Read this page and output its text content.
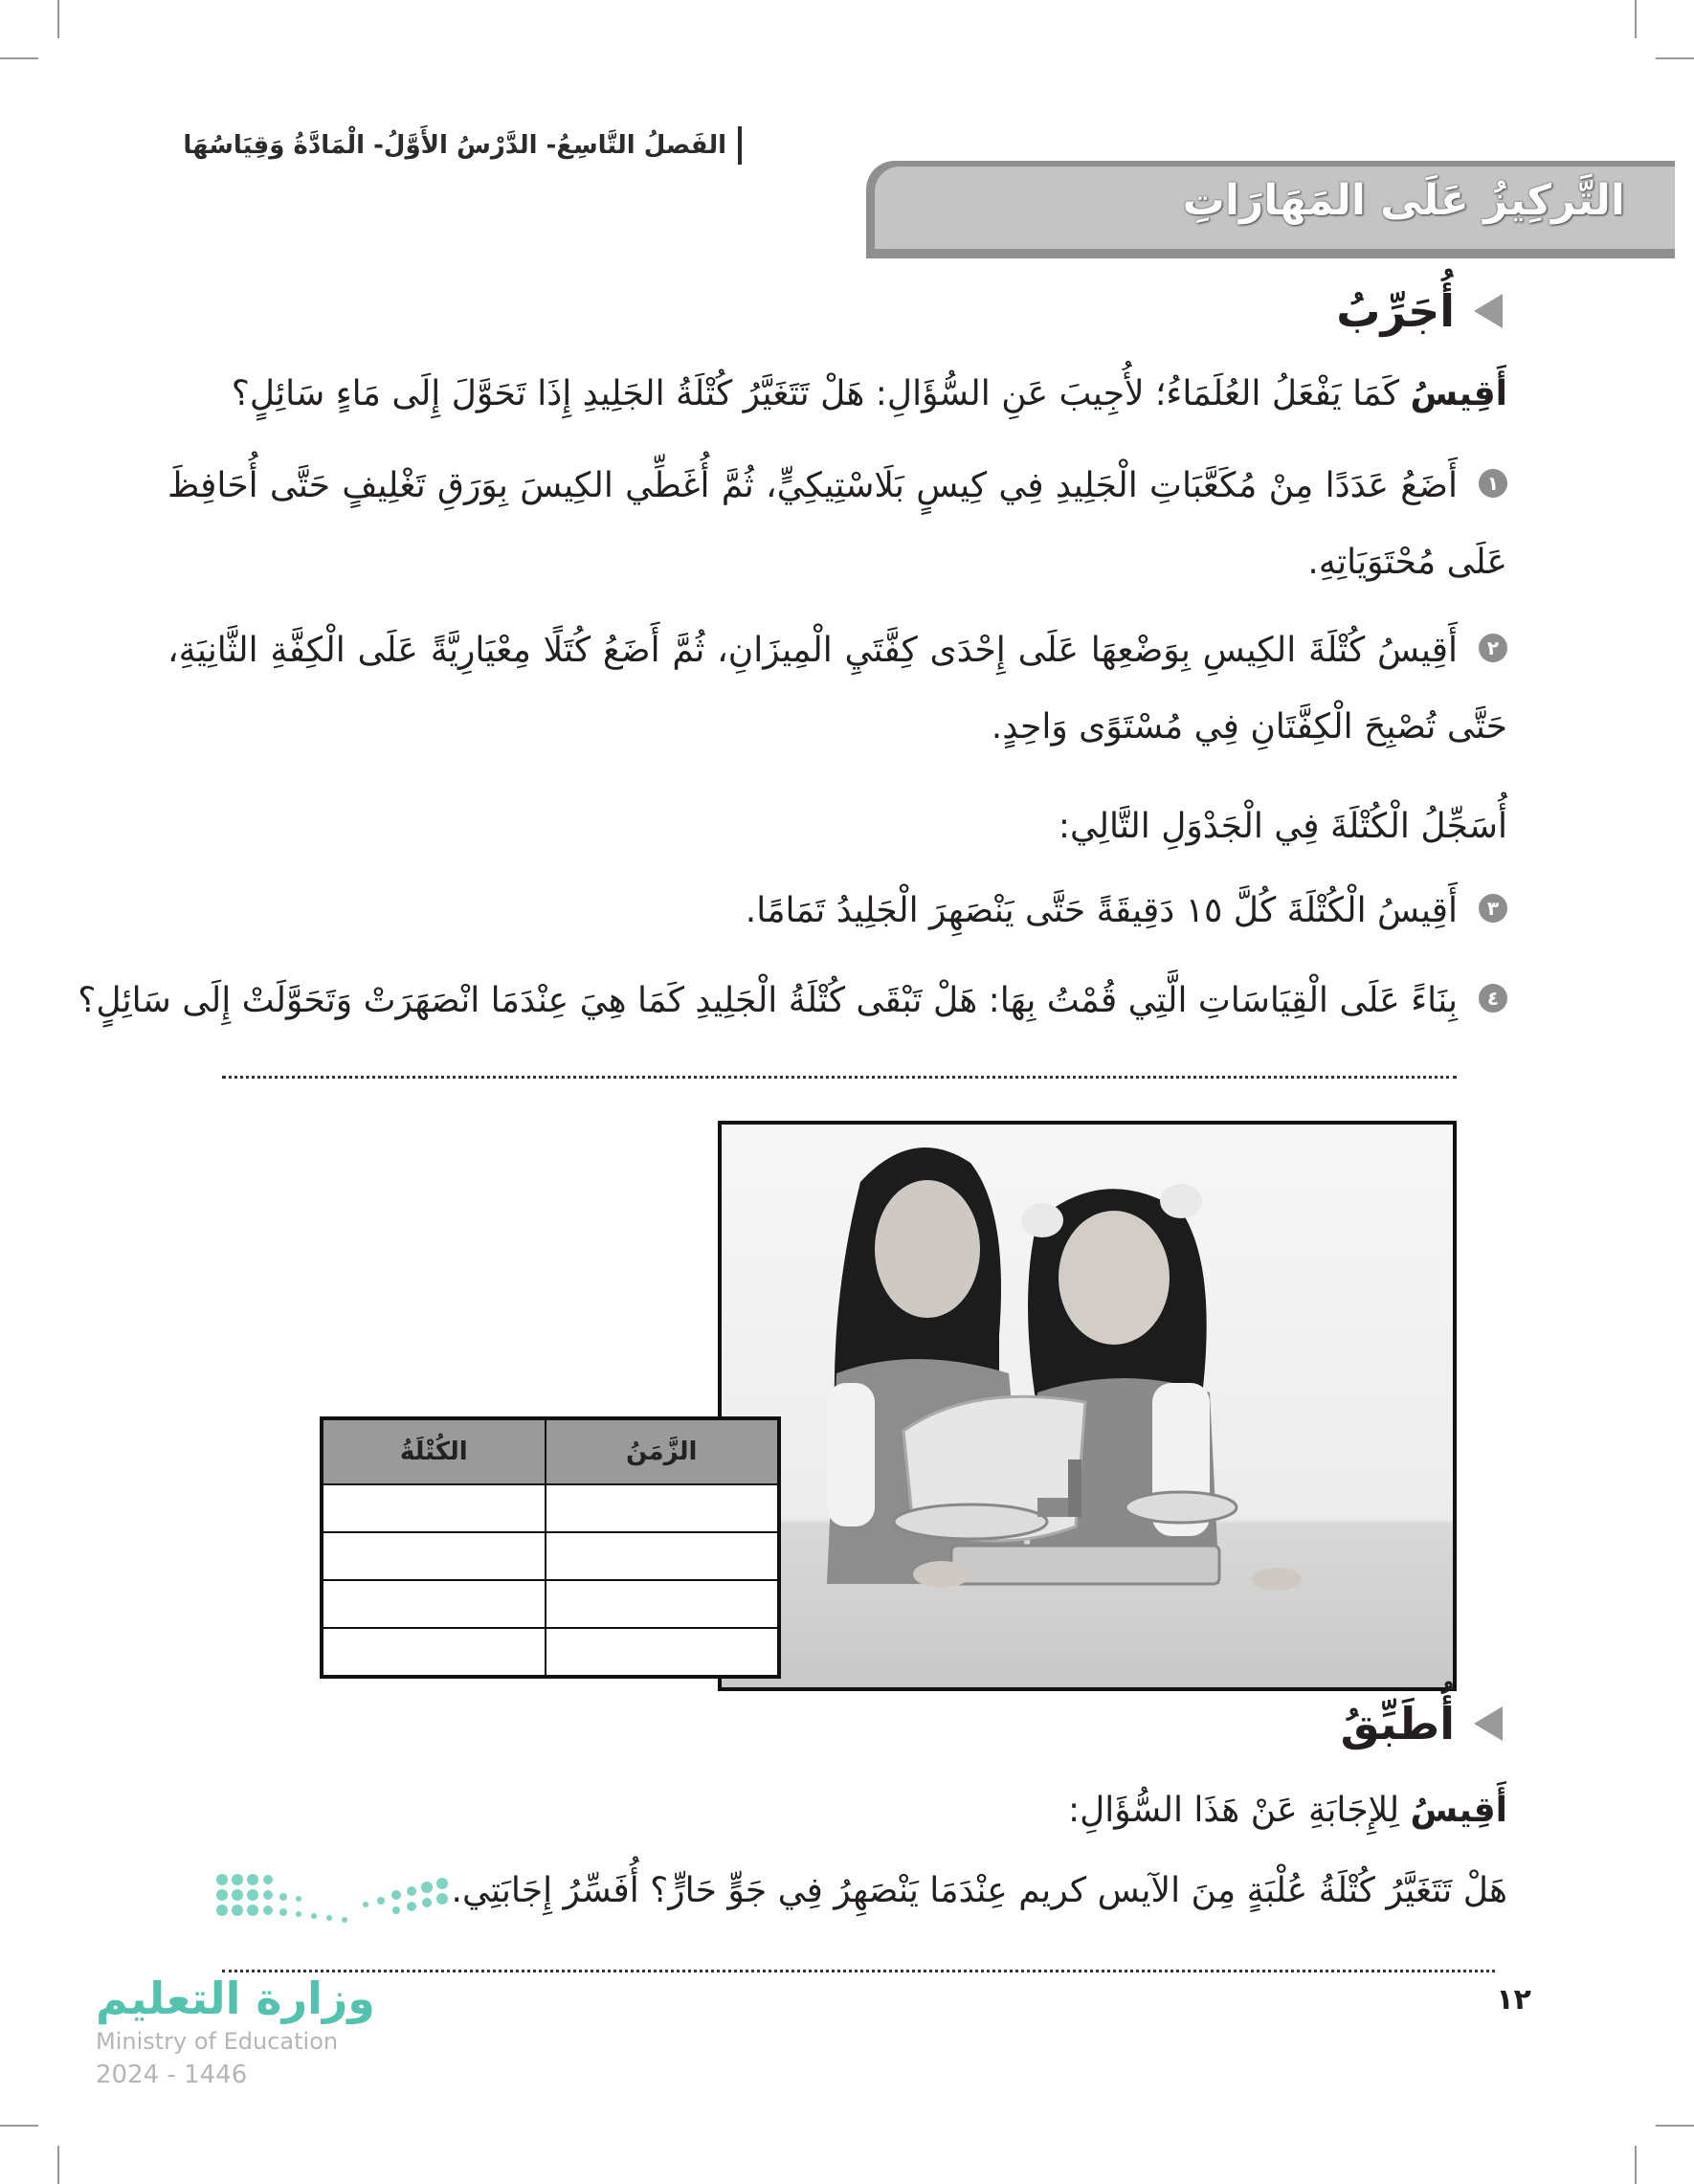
الفَصلُ التَّاسِعُ- الدَّرْسُ الأَوَّلُ- الْمَادَّةُ وَقِيَاسُهَا
التَّركِيزُ عَلَى المَهَارَاتِ
أُجَرِّبُ
أَقِيسُ كَمَا يَفْعَلُ العُلَمَاءُ؛ لأُجِيبَ عَنِ السُّؤَالِ: هَلْ تَتَغَيَّرُ كُتْلَةُ الجَلِيدِ إِذَا تَحَوَّلَ إِلَى مَاءٍ سَائِلٍ؟
١أَضَعُ عَدَدًا مِنْ مُكَعَّبَاتِ الْجَلِيدِ فِي كِيسٍ بَلَاسْتِيكِيٍّ، ثُمَّ أُغَطِّي الكِيسَ بِوَرَقِ تَغْلِيفٍ حَتَّى أُحَافِظَ عَلَى مُحْتَوَيَاتِهِ.
٢أَقِيسُ كُتْلَةَ الكِيسِ بِوَضْعِهَا عَلَى إِحْدَى كِفَّتَيِ الْمِيزَانِ، ثُمَّ أَضَعُ كُتَلًا مِعْيَارِيَّةً عَلَى الْكِفَّةِ الثَّانِيَةِ، حَتَّى تُصْبِحَ الْكِفَّتَانِ فِي مُسْتَوًى وَاحِدٍ.
أُسَجِّلُ الْكُتْلَةَ فِي الْجَدْوَلِ التَّالِي:
٣أَقِيسُ الْكُتْلَةَ كُلَّ ١٥ دَقِيقَةً حَتَّى يَنْصَهِرَ الْجَلِيدُ تَمَامًا.
٤بِنَاءً عَلَى الْقِيَاسَاتِ الَّتِي قُمْتُ بِهَا: هَلْ تَبْقَى كُتْلَةُ الْجَلِيدِ كَمَا هِيَ عِنْدَمَا انْصَهَرَتْ وَتَحَوَّلَتْ إِلَى سَائِلٍ؟
الزَّمَنُ	الكُتْلَةُ

أُطَبِّقُ
أَقِيسُ لِلإِجَابَةِ عَنْ هَذَا السُّؤَالِ:
هَلْ تَتَغَيَّرُ كُتْلَةُ عُلْبَةٍ مِنَ الآيس كريم عِنْدَمَا يَنْصَهِرُ فِي جَوٍّ حَارٍّ؟ أُفَسِّرُ إِجَابَتِي.
وزارة التعليم
Ministry of Education
2024 - 1446
١٢
